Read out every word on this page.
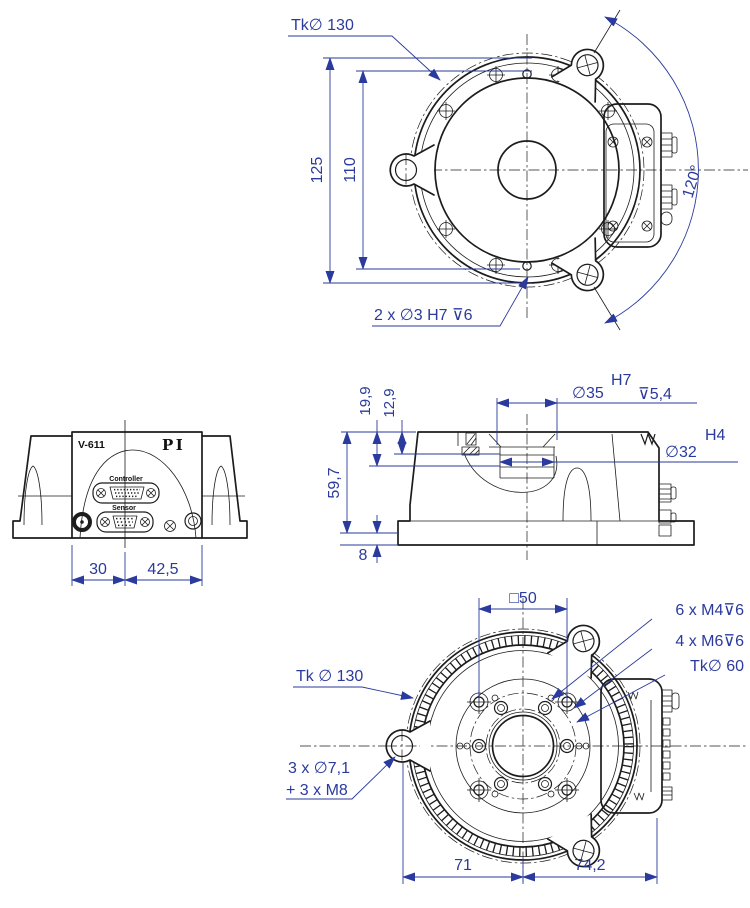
120°
125 110
Tk∅ 130
2 x ∅3 H7 ⊽6
59,7
8
19,9 12,9	∅35
H7
⊽5,4
∅32
H4
V-611	PI
Controller
Sensor
30	42,5
□50
6 x M4⊽6
4 x M6⊽6
Tk∅ 60
Tk ∅ 130
3 x ∅7,1
+ 3 x M8
71	74,2
